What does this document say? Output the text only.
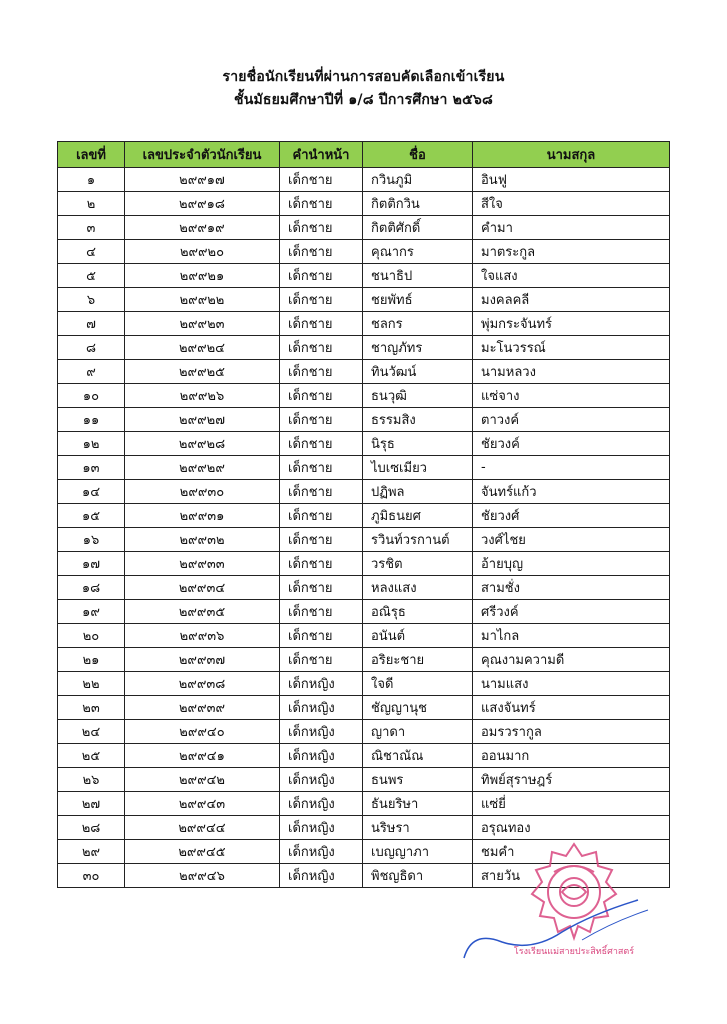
รายชื่อนักเรียนที่ผ่านการสอบคัดเลือกเข้าเรียน
ชั้นมัธยมศึกษาปีที่ ๑/๘ ปีการศึกษา ๒๕๖๘
เลขที่	เลขประจำตัวนักเรียน	คำนำหน้า	ชื่อ	นามสกุล
๑	๒๙๙๑๗	เด็กชาย	กวินภูมิ	อินฟู
๒	๒๙๙๑๘	เด็กชาย	กิตติกวิน	สีใจ
๓	๒๙๙๑๙	เด็กชาย	กิตติศักดิ์	คำมา
๔	๒๙๙๒๐	เด็กชาย	คุณากร	มาตระกูล
๕	๒๙๙๒๑	เด็กชาย	ชนาธิป	ใจแสง
๖	๒๙๙๒๒	เด็กชาย	ชยพัทธ์	มงคลคลี
๗	๒๙๙๒๓	เด็กชาย	ชลกร	พุ่มกระจันทร์
๘	๒๙๙๒๔	เด็กชาย	ชาญภัทร	มะโนวรรณ์
๙	๒๙๙๒๕	เด็กชาย	ทินวัฒน์	นามหลวง
๑๐	๒๙๙๒๖	เด็กชาย	ธนวุฒิ	แซ่จาง
๑๑	๒๙๙๒๗	เด็กชาย	ธรรมสิง	ตาวงค์
๑๒	๒๙๙๒๘	เด็กชาย	นิรุธ	ชัยวงค์
๑๓	๒๙๙๒๙	เด็กชาย	ไบเซเมียว	-
๑๔	๒๙๙๓๐	เด็กชาย	ปฏิพล	จันทร์แก้ว
๑๕	๒๙๙๓๑	เด็กชาย	ภูมิธนยศ	ชัยวงศ์
๑๖	๒๙๙๓๒	เด็กชาย	รวินท์วรกานต์	วงศ์ไชย
๑๗	๒๙๙๓๓	เด็กชาย	วรชิต	อ้ายบุญ
๑๘	๒๙๙๓๔	เด็กชาย	หลงแสง	สามชั่ง
๑๙	๒๙๙๓๕	เด็กชาย	อณิรุธ	ศรีวงค์
๒๐	๒๙๙๓๖	เด็กชาย	อนันต์	มาไกล
๒๑	๒๙๙๓๗	เด็กชาย	อริยะชาย	คุณงามความดี
๒๒	๒๙๙๓๘	เด็กหญิง	ใจดี	นามแสง
๒๓	๒๙๙๓๙	เด็กหญิง	ชัญญานุช	แสงจันทร์
๒๔	๒๙๙๔๐	เด็กหญิง	ญาดา	อมรวรากูล
๒๕	๒๙๙๔๑	เด็กหญิง	ณิชาณัณ	ออนมาก
๒๖	๒๙๙๔๒	เด็กหญิง	ธนพร	ทิพย์สุราษฎร์
๒๗	๒๙๙๔๓	เด็กหญิง	ธันยริษา	แซ่ยี่
๒๘	๒๙๙๔๔	เด็กหญิง	นริษรา	อรุณทอง
๒๙	๒๙๙๔๕	เด็กหญิง	เบญญาภา	ชมคำ
๓๐	๒๙๙๔๖	เด็กหญิง	พิชญธิดา	สายวัน
โรงเรียนแม่สายประสิทธิ์ศาสตร์
